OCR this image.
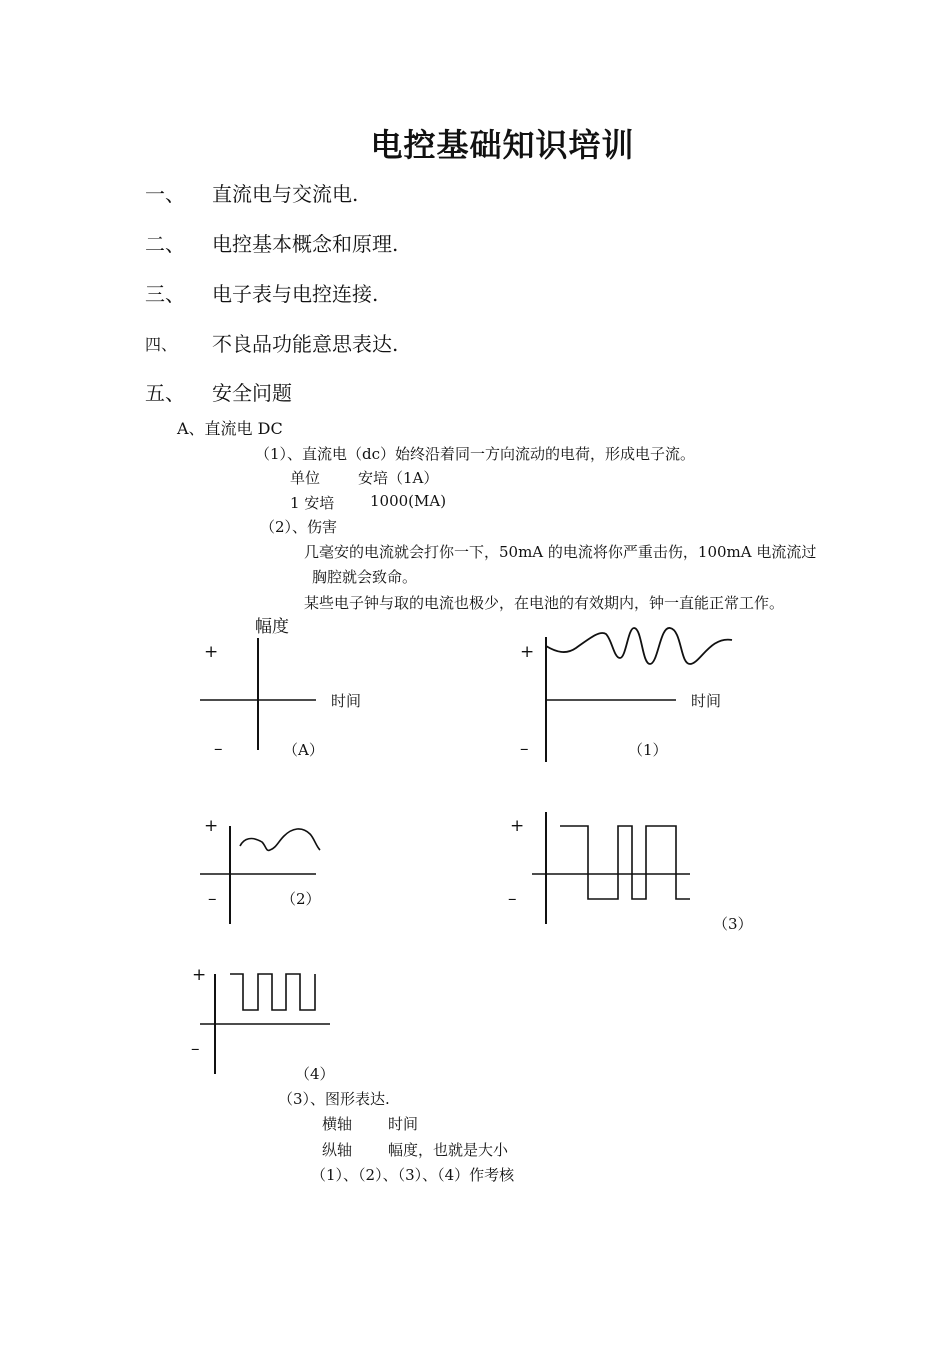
电控基础知识培训
一、 直流电与交流电.
二、 电控基本概念和原理.
三、 电子表与电控连接.
四、 不良品功能意思表达.
五、 安全问题
A、直流电 DC
（1）、直流电（dc）始终沿着同一方向流动的电荷，形成电子流。
单位	安培（1A）
1 安培 1000(MA)
（2）、伤害
几毫安的电流就会打你一下，50mA 的电流将你严重击伤，100mA 电流流过
胸腔就会致命。
某些电子钟与取的电流也极少，在电池的有效期内，钟一直能正常工作。
幅度
+
–
时间
（A）
+
–
时间
（1）
+
–	（2）
+
–
（3）
+
–
（4）
（3）、图形表达.
横轴 时间
纵轴 幅度，也就是大小
（1）、（2）、（3）、（4）作考核
